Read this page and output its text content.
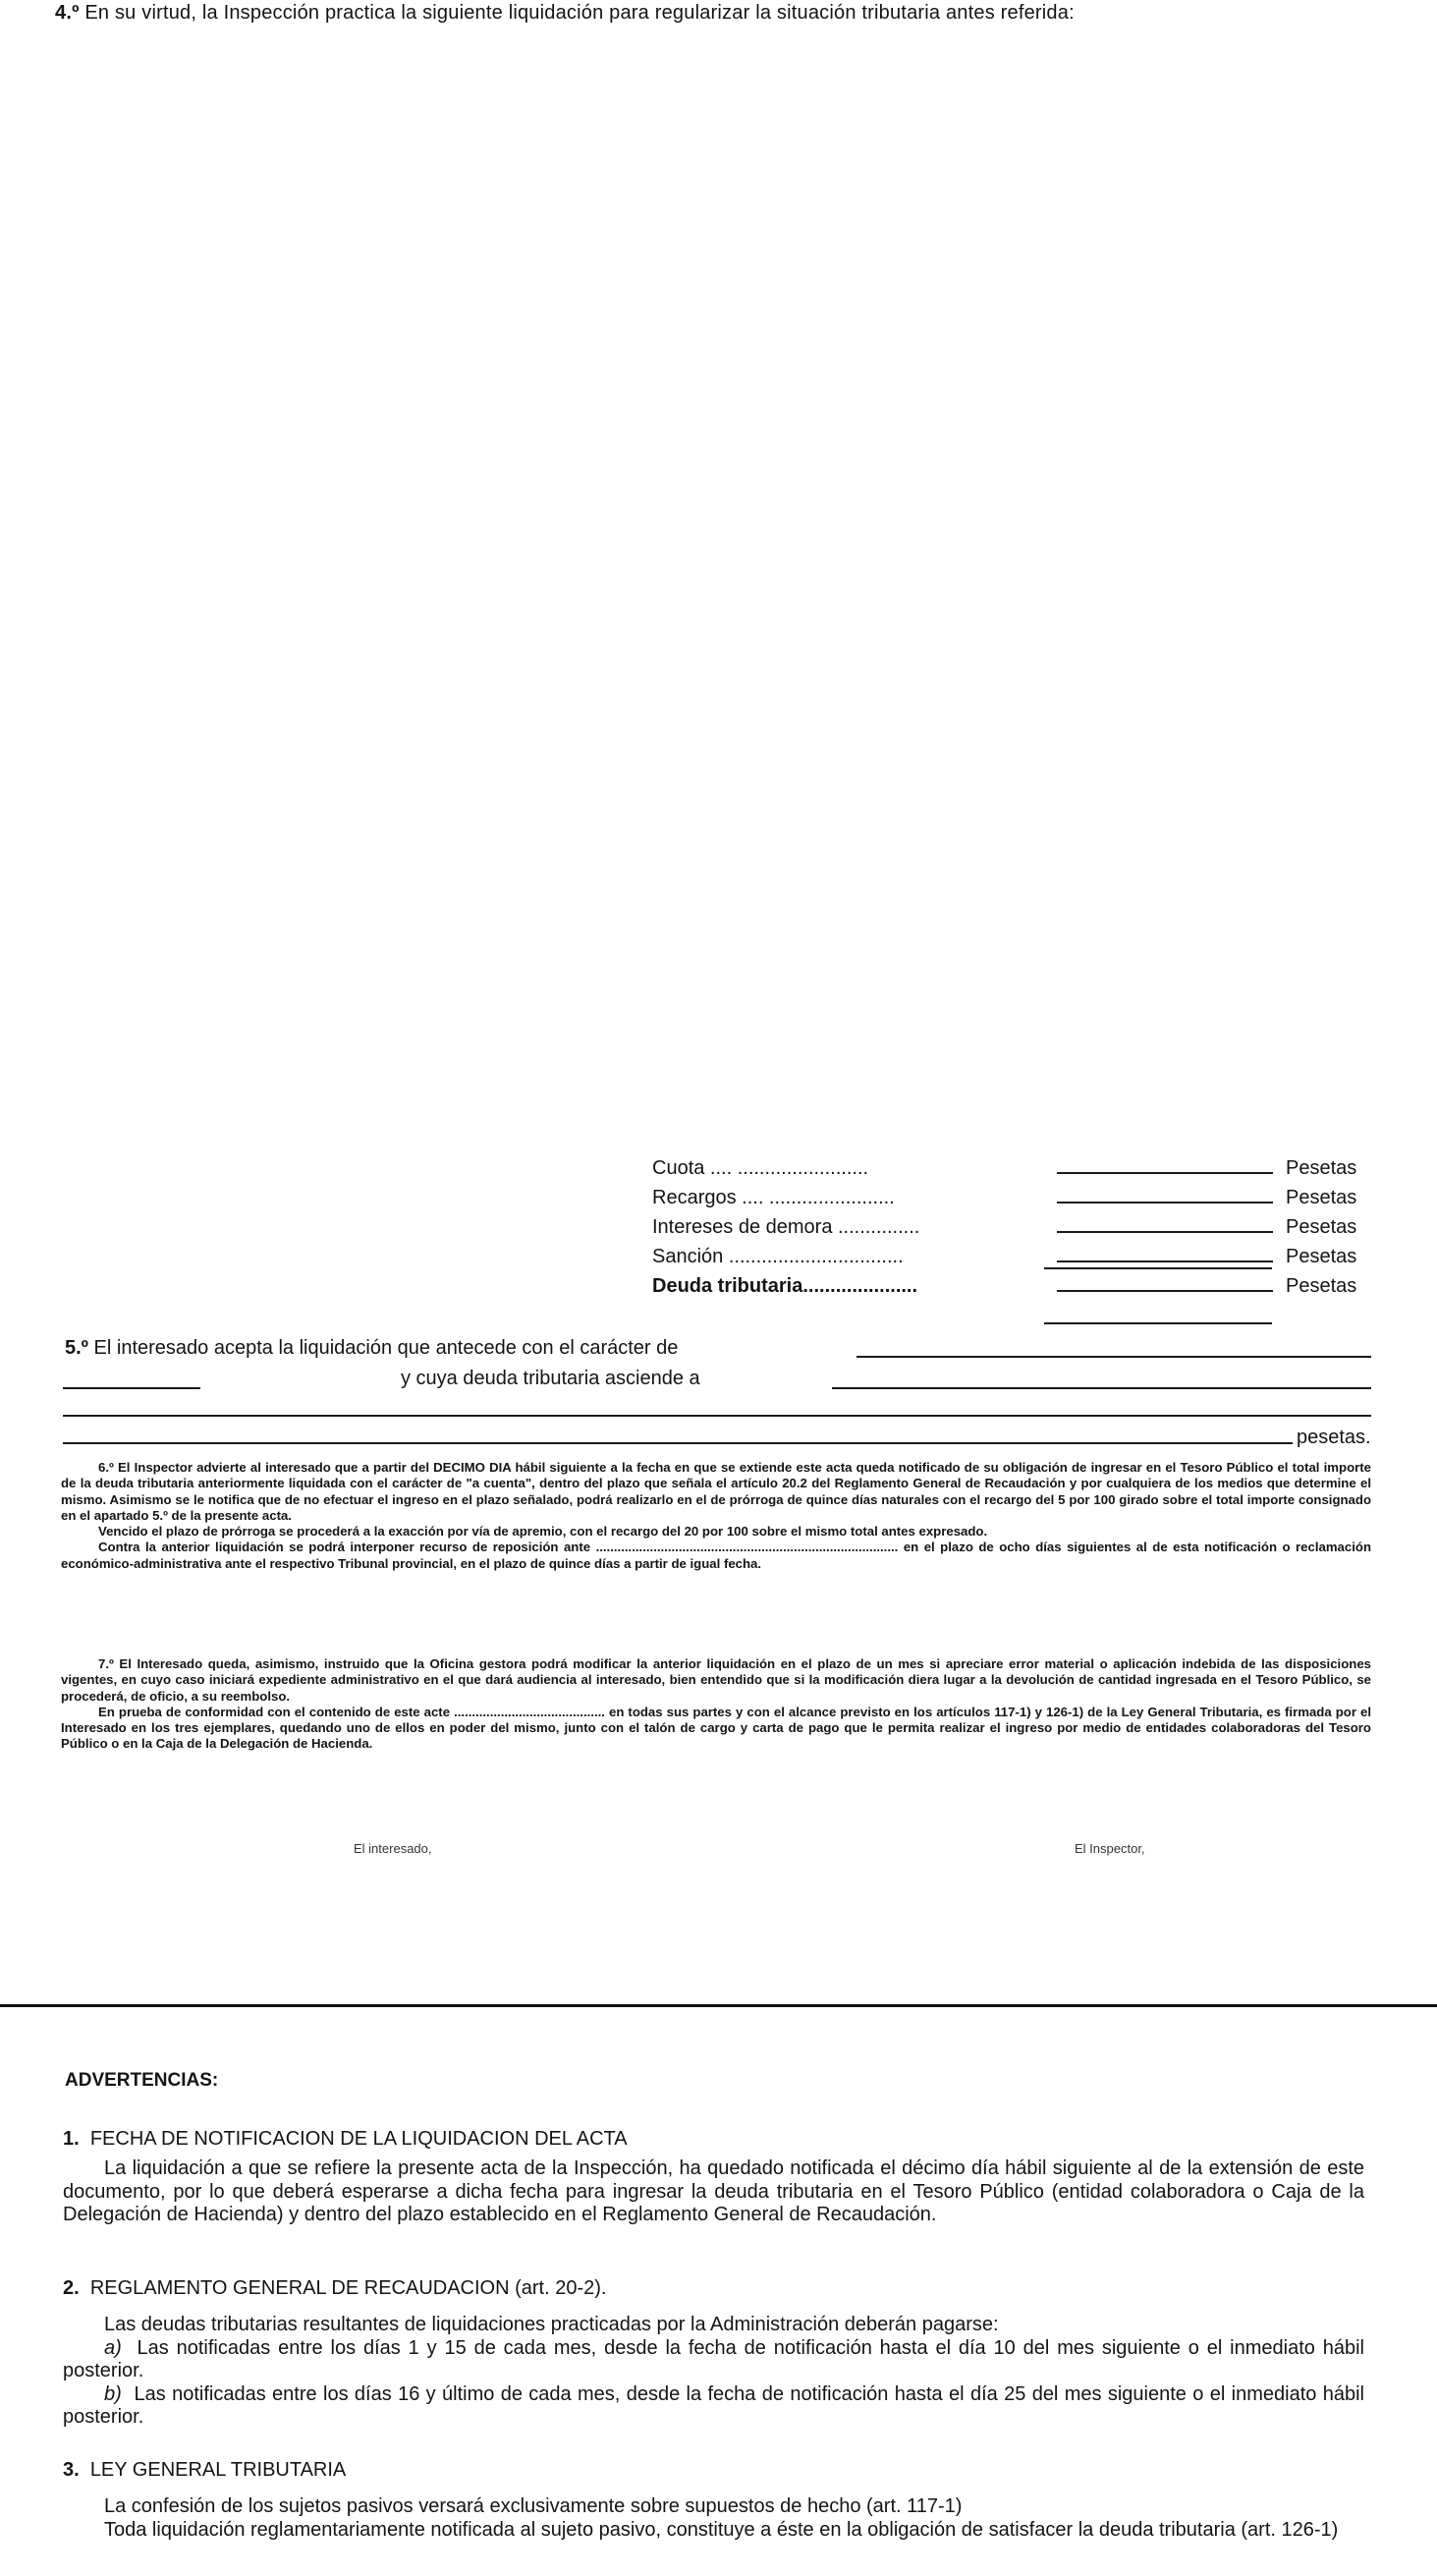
4.º En su virtud, la Inspección practica la siguiente liquidación para regularizar la situación tributaria antes referida:
Cuota .... ........................	Pesetas
Recargos .... .......................	Pesetas
Intereses de demora ...............	Pesetas
Sanción ................................	Pesetas
Deuda tributaria.....................	Pesetas
5.º El interesado acepta la liquidación que antecede con el carácter de
y cuya deuda tributaria asciende a
pesetas.

6.º El Inspector advierte al interesado que a partir del DECIMO DIA hábil siguiente a la fecha en que se extiende este acta queda notificado de su obligación de ingresar en el Tesoro Público el total importe de la deuda tributaria anteriormente liquidada con el carácter de "a cuenta", dentro del plazo que señala el artículo 20.2 del Reglamento General de Recaudación y por cualquiera de los medios que determine el mismo. Asimismo se le notifica que de no efectuar el ingreso en el plazo señalado, podrá realizarlo en el de prórroga de quince días naturales con el recargo del 5 por 100 girado sobre el total importe consignado en el apartado 5.º de la presente acta.

Vencido el plazo de prórroga se procederá a la exacción por vía de apremio, con el recargo del 20 por 100 sobre el mismo total antes expresado.

Contra la anterior liquidación se podrá interponer recurso de reposición ante .................................................................................... en el plazo de ocho días siguientes al de esta notificación o reclamación económico-administrativa ante el respectivo Tribunal provincial, en el plazo de quince días a partir de igual fecha.

7.º El Interesado queda, asimismo, instruido que la Oficina gestora podrá modificar la anterior liquidación en el plazo de un mes si apreciare error material o aplicación indebida de las disposiciones vigentes, en cuyo caso iniciará expediente administrativo en el que dará audiencia al interesado, bien entendido que si la modificación diera lugar a la devolución de cantidad ingresada en el Tesoro Público, se procederá, de oficio, a su reembolso.

En prueba de conformidad con el contenido de este acte .......................................... en todas sus partes y con el alcance previsto en los artículos 117-1) y 126-1) de la Ley General Tributaria, es firmada por el Interesado en los tres ejemplares, quedando uno de ellos en poder del mismo, junto con el talón de cargo y carta de pago que le permita realizar el ingreso por medio de entidades colaboradoras del Tesoro Público o en la Caja de la Delegación de Hacienda.

El interesado,	El Inspector,
ADVERTENCIAS:
1. FECHA DE NOTIFICACION DE LA LIQUIDACION DEL ACTA

La liquidación a que se refiere la presente acta de la Inspección, ha quedado notificada el décimo día hábil siguiente al de la extensión de este documento, por lo que deberá esperarse a dicha fecha para ingresar la deuda tributaria en el Tesoro Público (entidad colaboradora o Caja de la Delegación de Hacienda) y dentro del plazo establecido en el Reglamento General de Recaudación.

2. REGLAMENTO GENERAL DE RECAUDACION (art. 20-2).

Las deudas tributarias resultantes de liquidaciones practicadas por la Administración deberán pagarse:

a) Las notificadas entre los días 1 y 15 de cada mes, desde la fecha de notificación hasta el día 10 del mes siguiente o el inmediato hábil posterior.

b) Las notificadas entre los días 16 y último de cada mes, desde la fecha de notificación hasta el día 25 del mes siguiente o el inmediato hábil posterior.

3. LEY GENERAL TRIBUTARIA

La confesión de los sujetos pasivos versará exclusivamente sobre supuestos de hecho (art. 117-1)

Toda liquidación reglamentariamente notificada al sujeto pasivo, constituye a éste en la obligación de satisfacer la deuda tributaria (art. 126-1)
